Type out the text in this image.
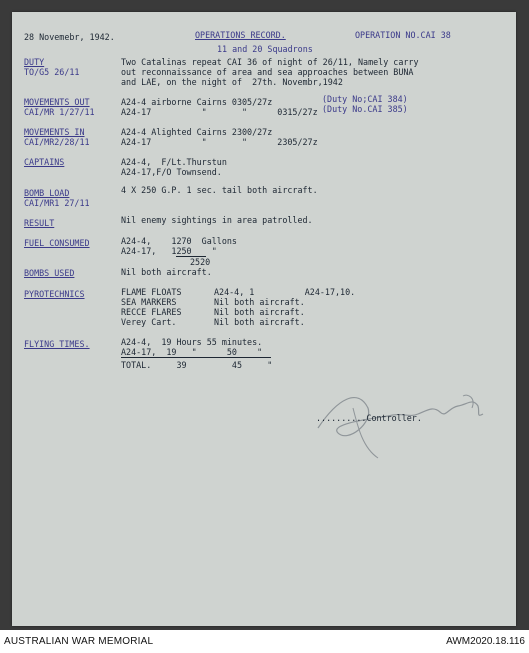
28 Novemebr, 1942.	OPERATIONS RECORD.	OPERATION NO.CAI 38
11 and 20 Squadrons
DUTY
TO/G5 26/11
Two Catalinas repeat CAI 36 of night of 26/11, Namely carry
out reconnaissance of area and sea approaches between BUNA
and LAE, on the night of  27th. Novembr,1942
MOVEMENTS OUT
CAI/MR 1/27/11
A24-4 airborne Cairns 0305/27z	(Duty No;CAI 384)
A24-17          "       "      0315/27z (Duty No.CAI 385)
MOVEMENTS IN
CAI/MR2/28/11
A24-4 Alighted Cairns 2300/27z
A24-17          "       "      2305/27z
CAPTAINS	A24-4,  F/Lt.Thurstun
A24-17,F/O Townsend.
BOMB LOAD
CAI/MR1 27/11
4 X 250 G.P. 1 sec. tail both aircraft.
RESULT	Nil enemy sightings in area patrolled.
FUEL CONSUMED	A24-4,    1270  Gallons
A24-17,   1250    "
2520
BOMBS USED	Nil both aircraft.
PYROTECHNICS	FLAME FLOATS	A24-4, 1          A24-17,10.
SEA MARKERS	Nil both aircraft.
RECCE FLARES	Nil both aircraft.
Verey Cart.	Nil both aircraft.
FLYING TIMES.	A24-4,  19 Hours 55 minutes.
A24-17,  19   "      50    "
TOTAL.     39         45     "
..........Controller.
AUSTRALIAN WAR MEMORIAL	AWM2020.18.116
